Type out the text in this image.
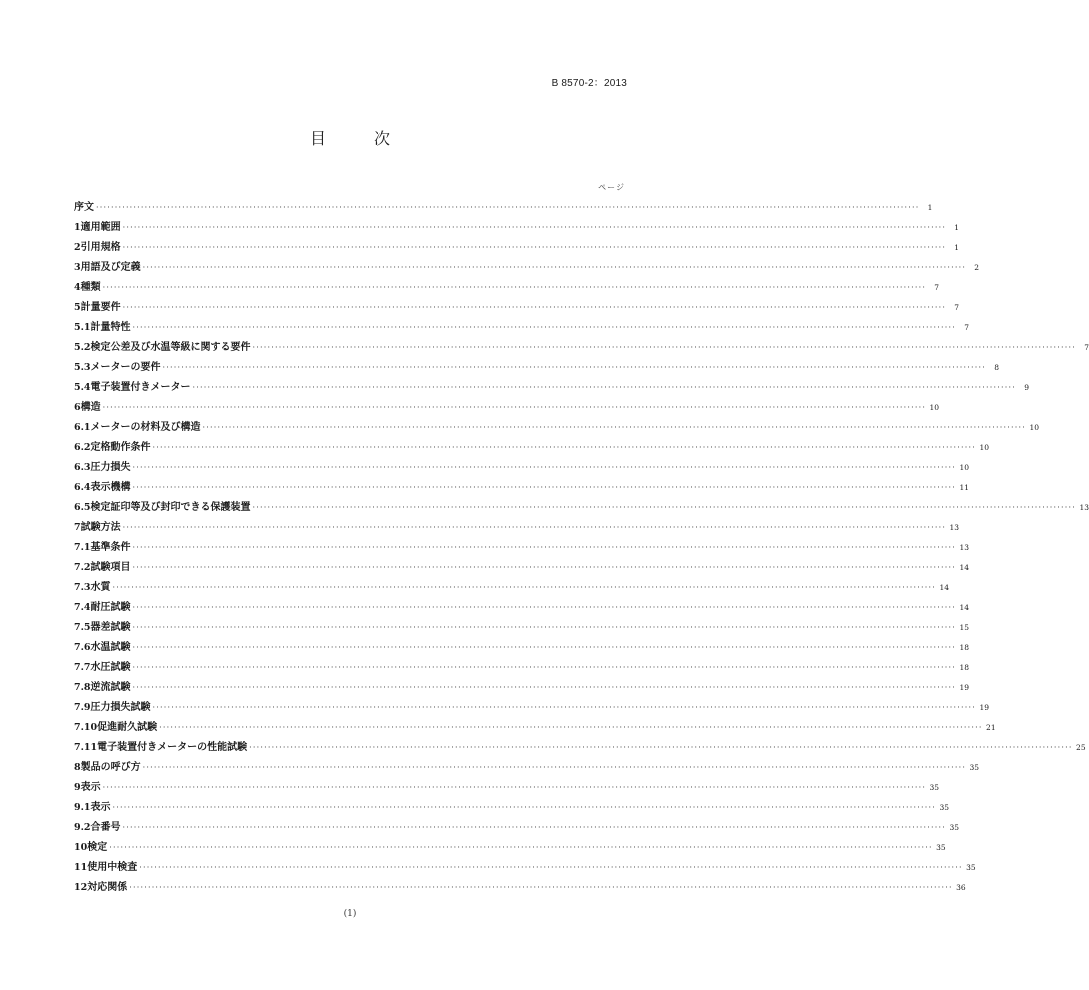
B 8570-2：2013
目　次
ページ
序文 ····························································································································································································································	1
1 適用範囲 ····························································································································································································································	1
2 引用規格 ····························································································································································································································	1
3 用語及び定義 ····························································································································································································································	2
4 種類 ····························································································································································································································	7
5 計量要件 ····························································································································································································································	7
5.1 計量特性 ····························································································································································································································	7
5.2 検定公差及び水温等級に関する要件 ····························································································································································································································	7
5.3 メーターの要件 ····························································································································································································································	8
5.4 電子装置付きメーター ····························································································································································································································	9
6 構造 ···························································································································································································································· 10
6.1 メーターの材料及び構造 ···························································································································································································································· 10
6.2 定格動作条件 ···························································································································································································································· 10
6.3 圧力損失 ···························································································································································································································· 10
6.4 表示機構 ···························································································································································································································· 11
6.5 検定証印等及び封印できる保護装置 ···························································································································································································································· 13
7 試験方法 ···························································································································································································································· 13
7.1 基準条件 ···························································································································································································································· 13
7.2 試験項目 ···························································································································································································································· 14
7.3 水質 ···························································································································································································································· 14
7.4 耐圧試験 ···························································································································································································································· 14
7.5 器差試験 ···························································································································································································································· 15
7.6 水温試験 ···························································································································································································································· 18
7.7 水圧試験 ···························································································································································································································· 18
7.8 逆流試験 ···························································································································································································································· 19
7.9 圧力損失試験 ···························································································································································································································· 19
7.10 促進耐久試験 ···························································································································································································································· 21
7.11 電子装置付きメーターの性能試験 ···························································································································································································································· 25
8 製品の呼び方 ···························································································································································································································· 35
9 表示 ···························································································································································································································· 35
9.1 表示 ···························································································································································································································· 35
9.2 合番号 ···························································································································································································································· 35
10 検定 ···························································································································································································································· 35
11 使用中検査 ···························································································································································································································· 35
12 対応関係 ···························································································································································································································· 36
(1)
